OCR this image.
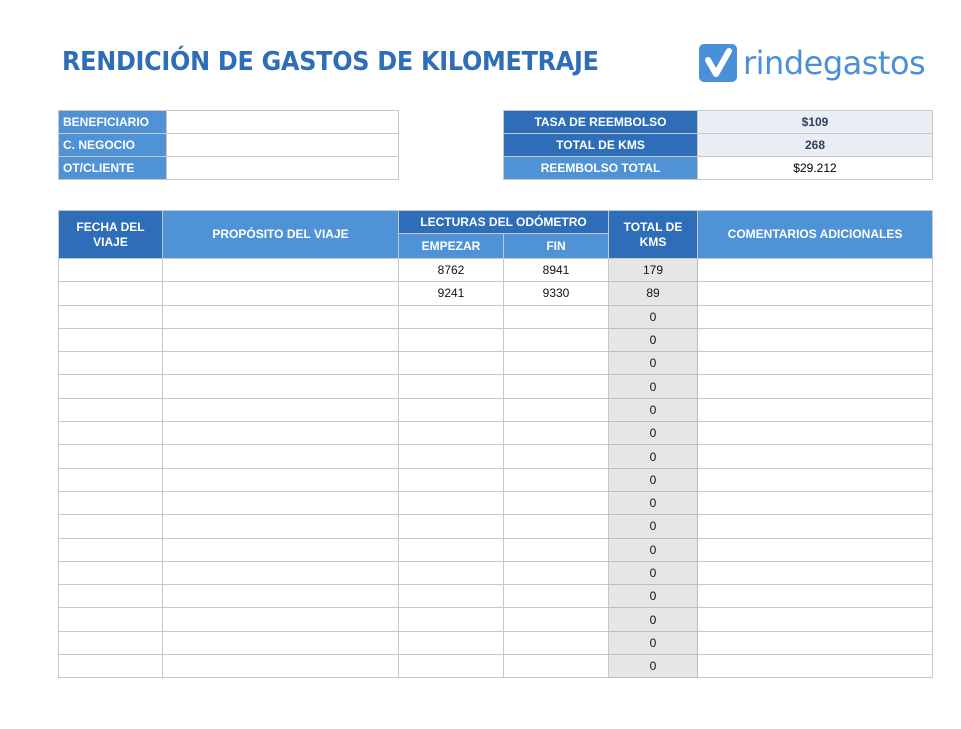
RENDICIÓN DE GASTOS DE KILOMETRAJE	rindegastos
BENEFICIARIO	
C. NEGOCIO	
OT/CLIENTE	
TASA DE REEMBOLSO	$109
TOTAL DE KMS	268
REEMBOLSO TOTAL	$29.212
FECHA DEL VIAJE	PROPÓSITO DEL VIAJE	LECTURAS DEL ODÓMETRO		TOTAL DE KMS	COMENTARIOS ADICIONALES
		EMPEZAR	FIN		
		8762	8941	179	
		9241	9330	89	
				0	
				0	
				0	
				0	
				0	
				0	
				0	
				0	
				0	
				0	
				0	
				0	
				0	
				0	
				0	
				0	
